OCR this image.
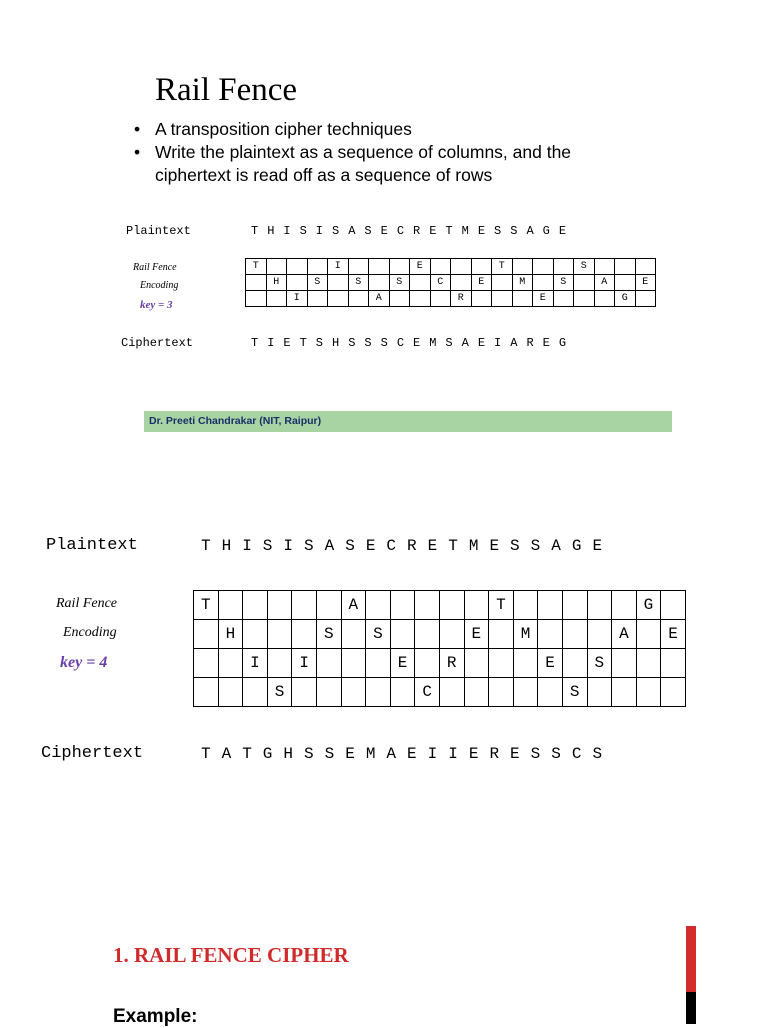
Rail Fence
• A transposition cipher techniques
• Write the plaintext as a sequence of columns, and the ciphertext is read off as a sequence of rows
Plaintext	T H I S I S A S E C R E T M E S S A G E
Rail Fence
Encoding
key = 3
T				I				E				T				S			
	H		S		S		S		C		E		M		S		A		E
		I				A				R				E				G	
Ciphertext	T I E T S H S S S C E M S A E I A R E G
Dr. Preeti Chandrakar (NIT, Raipur)
Plaintext	T H I S I S A S E C R E T M E S S A G E
Rail Fence
Encoding
key = 4
T						A						T						G	
	H				S		S				E		M				A		E
		I		I				E		R				E		S			
			S						C						S				
Ciphertext	T A T G H S S E M A E I I E R E S S C S
1. RAIL FENCE CIPHER
Example:
